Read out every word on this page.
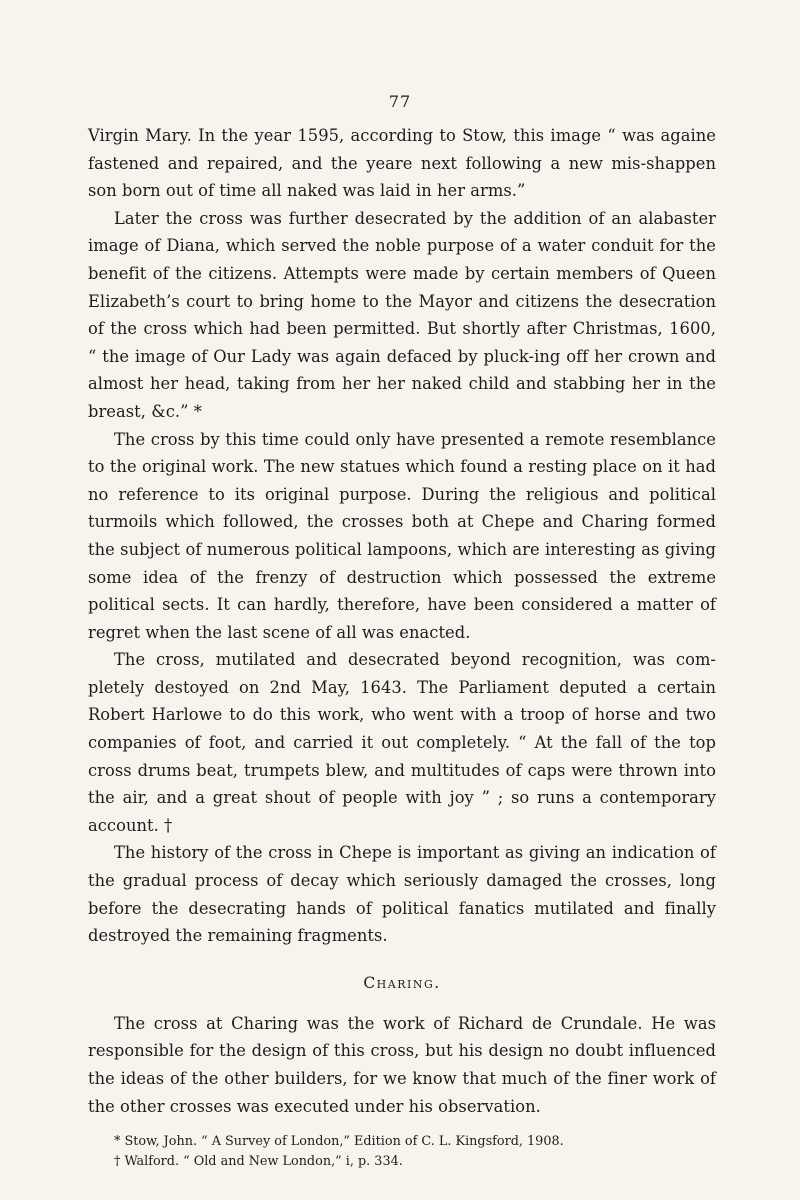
77

Virgin Mary. In the year 1595, according to Stow, this image “ was againe fastened and repaired, and the yeare next following a new mis-shappen son born out of time all naked was laid in her arms.”

Later the cross was further desecrated by the addition of an alabaster image of Diana, which served the noble purpose of a water conduit for the benefit of the citizens. Attempts were made by certain members of Queen Elizabeth’s court to bring home to the Mayor and citizens the desecration of the cross which had been permitted. But shortly after Christmas, 1600, “ the image of Our Lady was again defaced by pluck-ing off her crown and almost her head, taking from her her naked child and stabbing her in the breast, &c.” *

The cross by this time could only have presented a remote resemblance to the original work. The new statues which found a resting place on it had no reference to its original purpose. During the religious and political turmoils which followed, the crosses both at Chepe and Charing formed the subject of numerous political lampoons, which are interesting as giving some idea of the frenzy of destruction which possessed the extreme political sects. It can hardly, therefore, have been considered a matter of regret when the last scene of all was enacted.

The cross, mutilated and desecrated beyond recognition, was com-pletely destoyed on 2nd May, 1643. The Parliament deputed a certain Robert Harlowe to do this work, who went with a troop of horse and two companies of foot, and carried it out completely. “ At the fall of the top cross drums beat, trumpets blew, and multitudes of caps were thrown into the air, and a great shout of people with joy ” ; so runs a contemporary account. †

The history of the cross in Chepe is important as giving an indication of the gradual process of decay which seriously damaged the crosses, long before the desecrating hands of political fanatics mutilated and finally destroyed the remaining fragments.

Charing.

The cross at Charing was the work of Richard de Crundale. He was responsible for the design of this cross, but his design no doubt influenced the ideas of the other builders, for we know that much of the finer work of the other crosses was executed under his observation.

* Stow, John. “ A Survey of London,” Edition of C. L. Kingsford, 1908.

† Walford. “ Old and New London,” i, p. 334.
